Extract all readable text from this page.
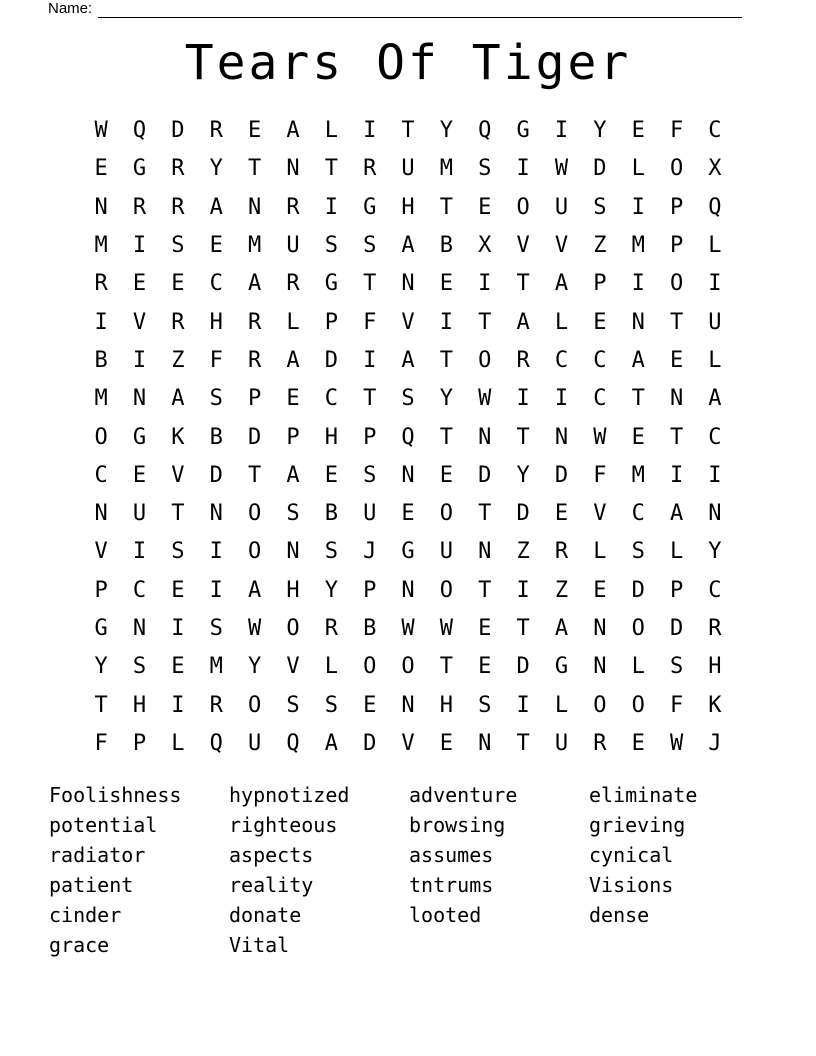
Name:
Tears Of Tiger
W	Q	D	R	E	A	L	I	T	Y	Q	G	I	Y	E	F	C
E	G	R	Y	T	N	T	R	U	M	S	I	W	D	L	O	X
N	R	R	A	N	R	I	G	H	T	E	O	U	S	I	P	Q
M	I	S	E	M	U	S	S	A	B	X	V	V	Z	M	P	L
R	E	E	C	A	R	G	T	N	E	I	T	A	P	I	O	I
I	V	R	H	R	L	P	F	V	I	T	A	L	E	N	T	U
B	I	Z	F	R	A	D	I	A	T	O	R	C	C	A	E	L
M	N	A	S	P	E	C	T	S	Y	W	I	I	C	T	N	A
O	G	K	B	D	P	H	P	Q	T	N	T	N	W	E	T	C
C	E	V	D	T	A	E	S	N	E	D	Y	D	F	M	I	I
N	U	T	N	O	S	B	U	E	O	T	D	E	V	C	A	N
V	I	S	I	O	N	S	J	G	U	N	Z	R	L	S	L	Y
P	C	E	I	A	H	Y	P	N	O	T	I	Z	E	D	P	C
G	N	I	S	W	O	R	B	W	W	E	T	A	N	O	D	R
Y	S	E	M	Y	V	L	O	O	T	E	D	G	N	L	S	H
T	H	I	R	O	S	S	E	N	H	S	I	L	O	O	F	K
F	P	L	Q	U	Q	A	D	V	E	N	T	U	R	E	W	J
Foolishness
potential
radiator
patient
cinder
grace
hypnotized
righteous
aspects
reality
donate
Vital
adventure
browsing
assumes
tntrums
looted
eliminate
grieving
cynical
Visions
dense
